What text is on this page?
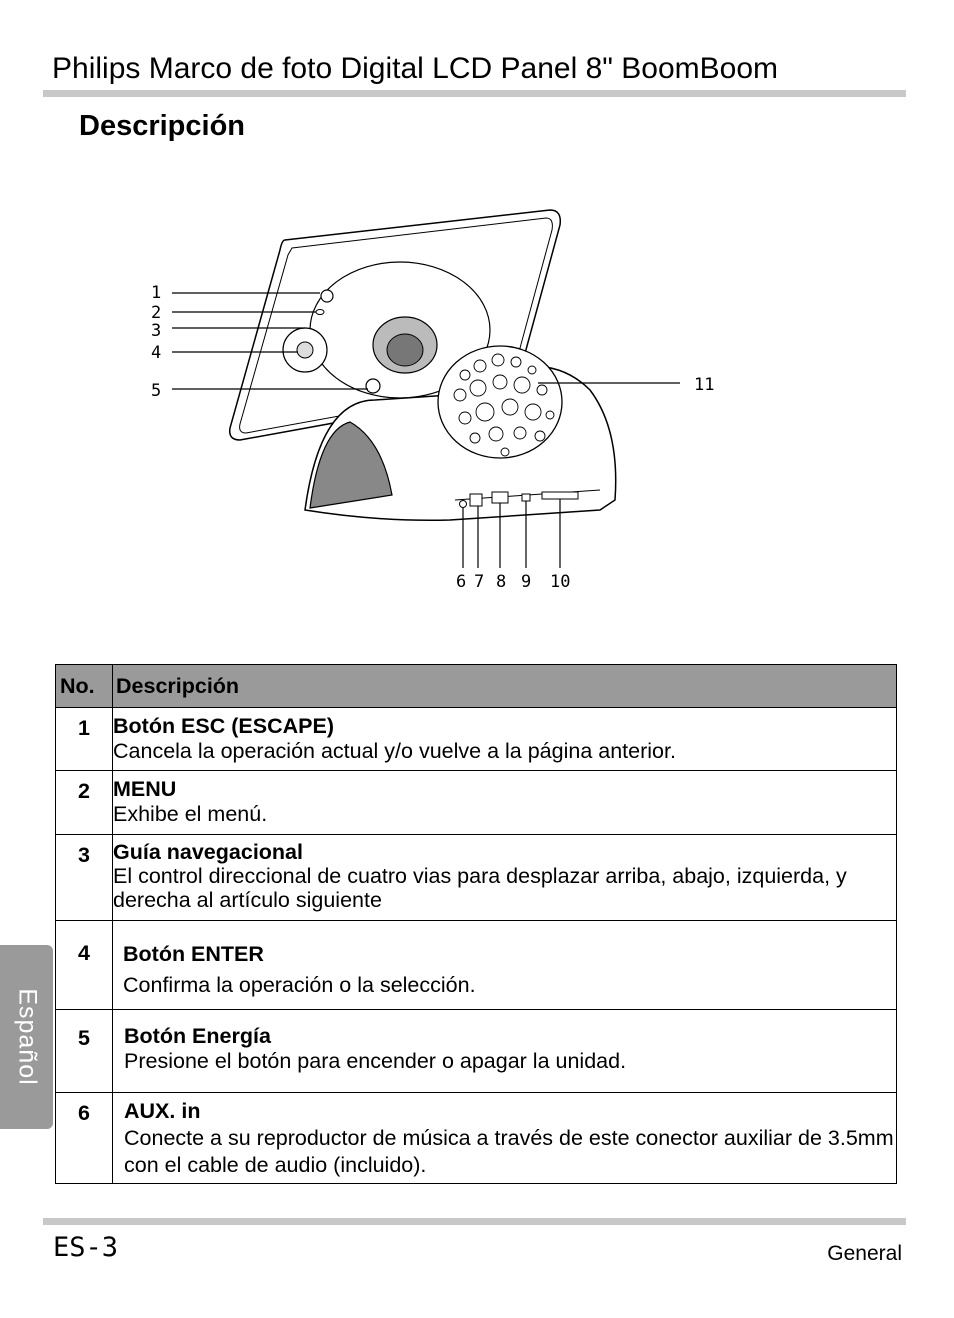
Philips Marco de foto Digital LCD Panel 8" BoomBoom
Descripción
1
2
3
4
5	11
6 7 8 9 10
No.	Descripción
1	Botón ESC (ESCAPE)
Cancela la operación actual y/o vuelve a la página anterior.

2	MENU
Exhibe el menú.

3	Guía navegacional
El control direccional de cuatro vias para desplazar arriba, abajo, izquierda, y derecha al artículo siguiente

4	Botón ENTER
Confirma la operación o la selección.

5	Botón Energía
Presione el botón para encender o apagar la unidad.

6	AUX. in
Conecte a su reproductor de música a través de este conector auxiliar de 3.5mm con el cable de audio (incluido).
Español
ES-3	General
